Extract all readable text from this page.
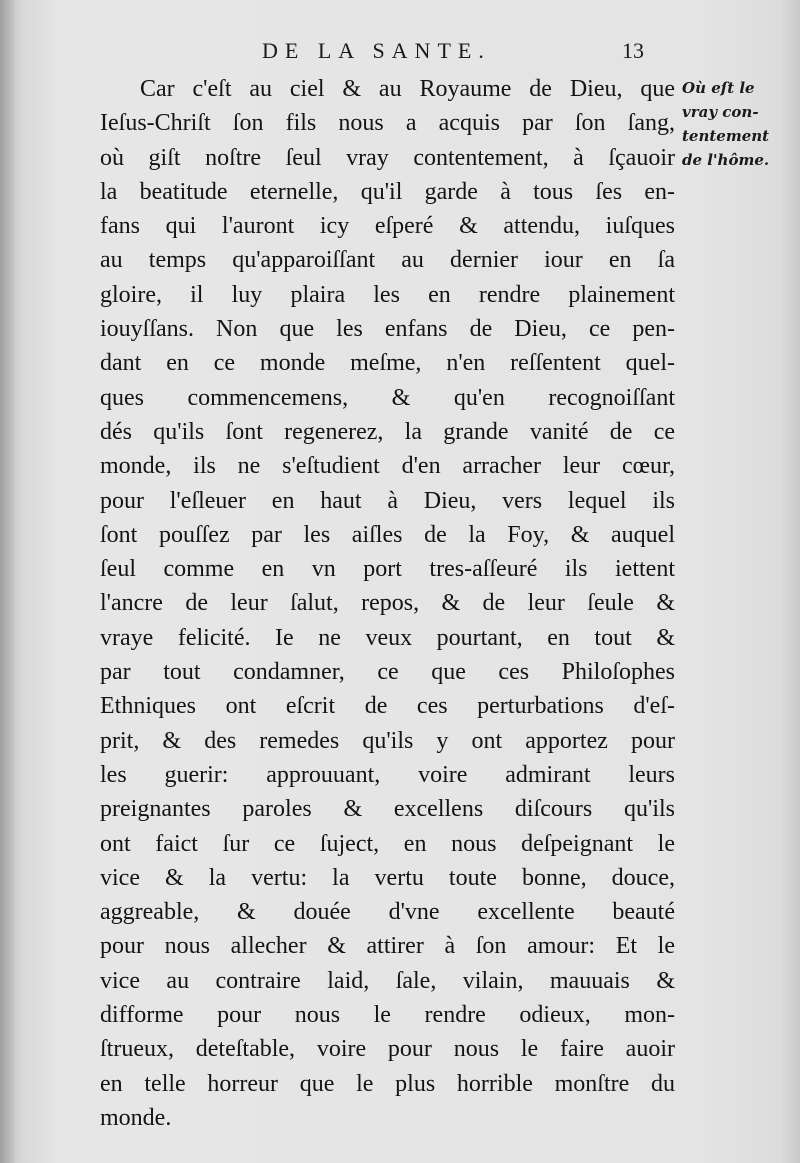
DE LA SANTE.	13
Où eſt le
vray con-
tentement
de l'hôme.
Car c'eſt au ciel & au Royaume de Dieu, que
Ieſus-Chriſt ſon fils nous a acquis par ſon ſang,
où giſt noſtre ſeul vray contentement, à ſçauoir
la beatitude eternelle, qu'il garde à tous ſes en-
fans qui l'auront icy eſperé & attendu, iuſques
au temps qu'apparoiſſant au dernier iour en ſa
gloire, il luy plaira les en rendre plainement
iouyſſans. Non que les enfans de Dieu, ce pen-
dant en ce monde meſme, n'en reſſentent quel-
ques commencemens, & qu'en recognoiſſant
dés qu'ils ſont regenerez, la grande vanité de ce
monde, ils ne s'eſtudient d'en arracher leur cœur,
pour l'eſleuer en haut à Dieu, vers lequel ils
ſont pouſſez par les aiſles de la Foy, & auquel
ſeul comme en vn port tres-aſſeuré ils iettent
l'ancre de leur ſalut, repos, & de leur ſeule &
vraye felicité. Ie ne veux pourtant, en tout &
par tout condamner, ce que ces Philoſophes
Ethniques ont eſcrit de ces perturbations d'eſ-
prit, & des remedes qu'ils y ont apportez pour
les guerir: approuuant, voire admirant leurs
preignantes paroles & excellens diſcours qu'ils
ont faict ſur ce ſuject, en nous deſpeignant le
vice & la vertu: la vertu toute bonne, douce,
aggreable, & douée d'vne excellente beauté
pour nous allecher & attirer à ſon amour: Et le
vice au contraire laid, ſale, vilain, mauuais &
difforme pour nous le rendre odieux, mon-
ſtrueux, deteſtable, voire pour nous le faire auoir
en telle horreur que le plus horrible monſtre du
monde.
